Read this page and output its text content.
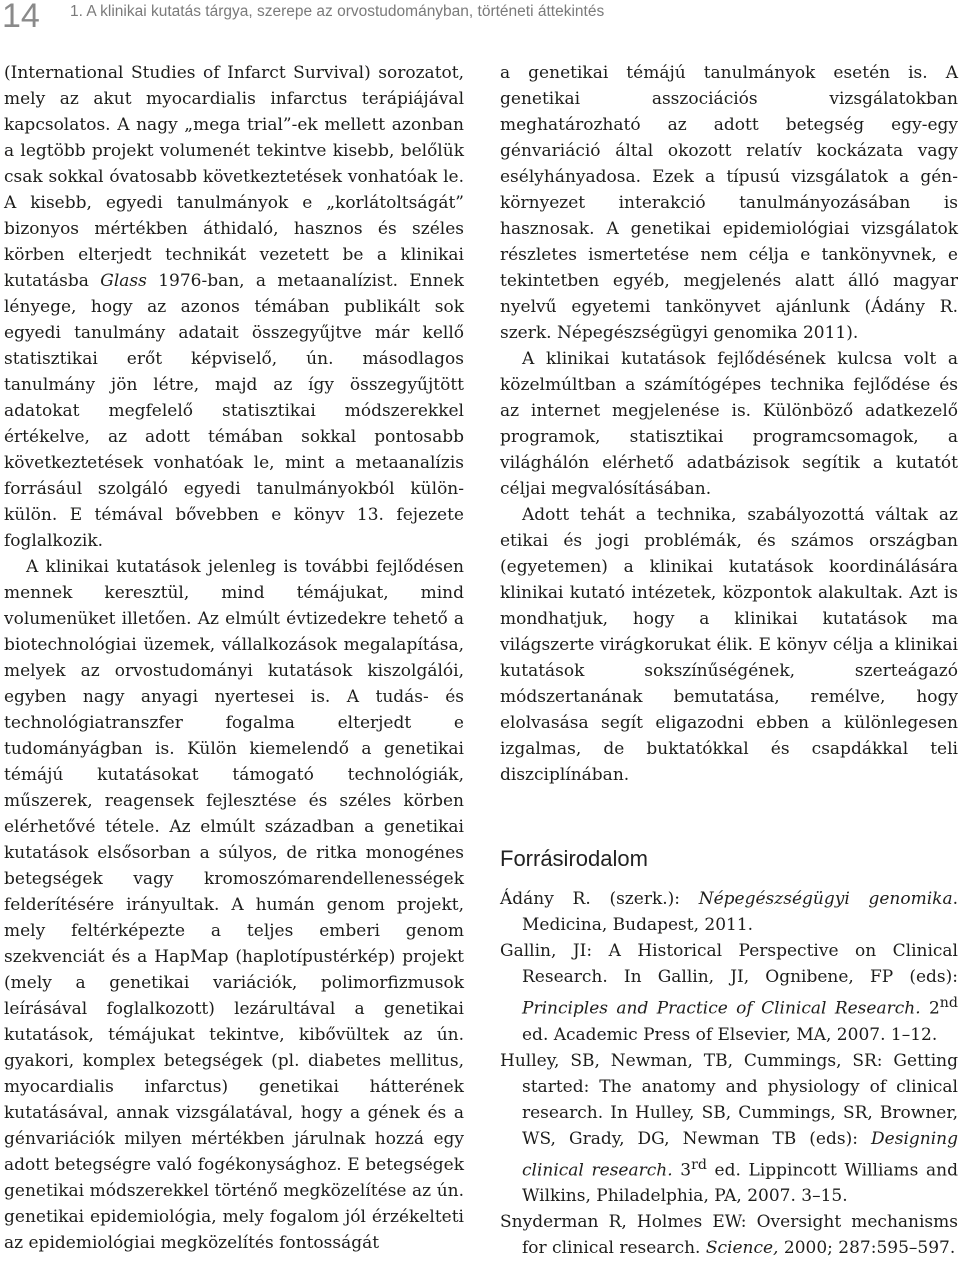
14 1. A klinikai kutatás tárgya, szerepe az orvostudományban, történeti áttekintés

(International Studies of Infarct Survival) sorozatot, mely az akut myocardialis infarctus terápiájával kapcsolatos. A nagy „mega trial”-ek mellett azonban a legtöbb projekt volumenét tekintve kisebb, belőlük csak sokkal óvatosabb következtetések vonhatóak le. A kisebb, egyedi tanulmányok e „korlátoltságát” bizonyos mértékben áthidaló, hasznos és széles körben elterjedt technikát vezetett be a klinikai kutatásba Glass 1976-ban, a metaanalízist. Ennek lényege, hogy az azonos témában publikált sok egyedi tanulmány adatait összegyűjtve már kellő statisztikai erőt képviselő, ún. másodlagos tanulmány jön létre, majd az így összegyűjtött adatokat megfelelő statisztikai módszerekkel értékelve, az adott témában sokkal pontosabb következtetések vonhatóak le, mint a metaanalízis forrásául szolgáló egyedi tanulmányokból külön-külön. E témával bővebben e könyv 13. fejezete foglalkozik.

A klinikai kutatások jelenleg is további fejlődésen mennek keresztül, mind témájukat, mind volumenüket illetően. Az elmúlt évtizedekre tehető a biotechnológiai üzemek, vállalkozások megalapítása, melyek az orvostudományi kutatások kiszolgálói, egyben nagy anyagi nyertesei is. A tudás- és technológiatranszfer fogalma elterjedt e tudományágban is. Külön kiemelendő a genetikai témájú kutatásokat támogató technológiák, műszerek, reagensek fejlesztése és széles körben elérhetővé tétele. Az elmúlt században a genetikai kutatások elsősorban a súlyos, de ritka monogénes betegségek vagy kromoszómarendellenességek felderítésére irányultak. A humán genom projekt, mely feltérképezte a teljes emberi genom szekvenciát és a HapMap (haplotípustérkép) projekt (mely a genetikai variációk, polimorfizmusok leírásával foglalkozott) lezárultával a genetikai kutatások, témájukat tekintve, kibővültek az ún. gyakori, komplex betegségek (pl. diabetes mellitus, myocardialis infarctus) genetikai hátterének kutatásával, annak vizsgálatával, hogy a gének és a génvariációk milyen mértékben járulnak hozzá egy adott betegségre való fogékonysághoz. E betegségek genetikai módszerekkel történő megközelítése az ún. genetikai epidemiológia, mely fogalom jól érzékelteti az epidemiológiai megközelítés fontosságát

a genetikai témájú tanulmányok esetén is. A genetikai asszociációs vizsgálatokban meghatározható az adott betegség egy-egy génvariáció által okozott relatív kockázata vagy esélyhányadosa. Ezek a típusú vizsgálatok a gén-környezet interakció tanulmányozásában is hasznosak. A genetikai epidemiológiai vizsgálatok részletes ismertetése nem célja e tankönyvnek, e tekintetben egyéb, megjelenés alatt álló magyar nyelvű egyetemi tankönyvet ajánlunk (Ádány R. szerk. Népegészségügyi genomika 2011).

A klinikai kutatások fejlődésének kulcsa volt a közelmúltban a számítógépes technika fejlődése és az internet megjelenése is. Különböző adatkezelő programok, statisztikai programcsomagok, a világhálón elérhető adatbázisok segítik a kutatót céljai megvalósításában.

Adott tehát a technika, szabályozottá váltak az etikai és jogi problémák, és számos országban (egyetemen) a klinikai kutatások koordinálására klinikai kutató intézetek, központok alakultak. Azt is mondhatjuk, hogy a klinikai kutatások ma világszerte virágkorukat élik. E könyv célja a klinikai kutatások sokszínűségének, szerteágazó módszertanának bemutatása, remélve, hogy elolvasása segít eligazodni ebben a különlegesen izgalmas, de buktatókkal és csapdákkal teli diszciplínában.

Forrásirodalom

Ádány R. (szerk.): Népegészségügyi genomika. Medicina, Budapest, 2011.

Gallin, JI: A Historical Perspective on Clinical Research. In Gallin, JI, Ognibene, FP (eds): Principles and Practice of Clinical Research. 2nd ed. Academic Press of Elsevier, MA, 2007. 1–12.

Hulley, SB, Newman, TB, Cummings, SR: Getting started: The anatomy and physiology of clinical research. In Hulley, SB, Cummings, SR, Browner, WS, Grady, DG, Newman TB (eds): Designing clinical research. 3rd ed. Lippincott Williams and Wilkins, Philadelphia, PA, 2007. 3–15.

Snyderman R, Holmes EW: Oversight mechanisms for clinical research. Science, 2000; 287:595–597.
